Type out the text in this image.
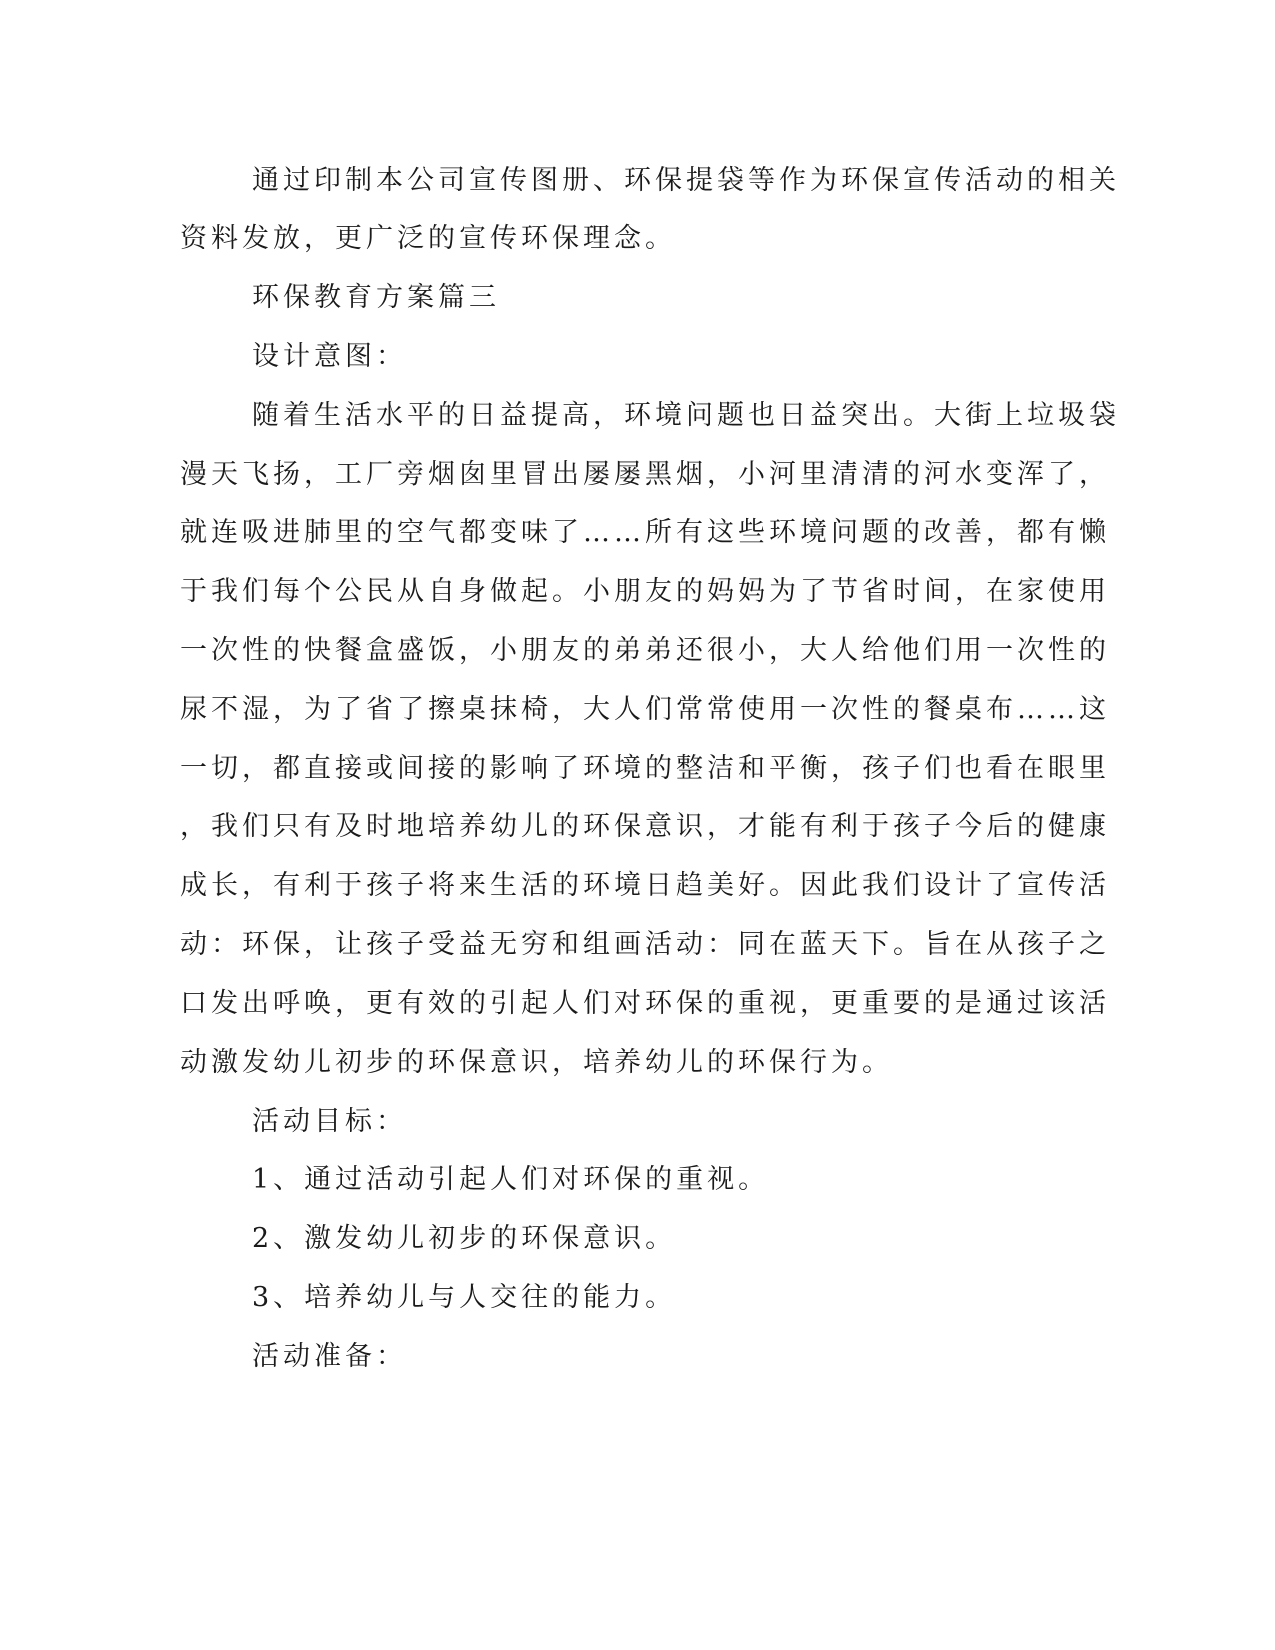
通过印制本公司宣传图册、环保提袋等作为环保宣传活动的相关
资料发放，更广泛的宣传环保理念。
环保教育方案篇三
设计意图：
随着生活水平的日益提高，环境问题也日益突出。大街上垃圾袋
漫天飞扬，工厂旁烟囱里冒出屡屡黑烟，小河里清清的河水变浑了，
就连吸进肺里的空气都变味了……所有这些环境问题的改善，都有懒
于我们每个公民从自身做起。小朋友的妈妈为了节省时间，在家使用
一次性的快餐盒盛饭，小朋友的弟弟还很小，大人给他们用一次性的
尿不湿，为了省了擦桌抹椅，大人们常常使用一次性的餐桌布……这
一切，都直接或间接的影响了环境的整洁和平衡，孩子们也看在眼里
，我们只有及时地培养幼儿的环保意识，才能有利于孩子今后的健康
成长，有利于孩子将来生活的环境日趋美好。因此我们设计了宣传活
动：环保，让孩子受益无穷和组画活动：同在蓝天下。旨在从孩子之
口发出呼唤，更有效的引起人们对环保的重视，更重要的是通过该活
动激发幼儿初步的环保意识，培养幼儿的环保行为。
活动目标：
1、通过活动引起人们对环保的重视。
2、激发幼儿初步的环保意识。
3、培养幼儿与人交往的能力。
活动准备：
